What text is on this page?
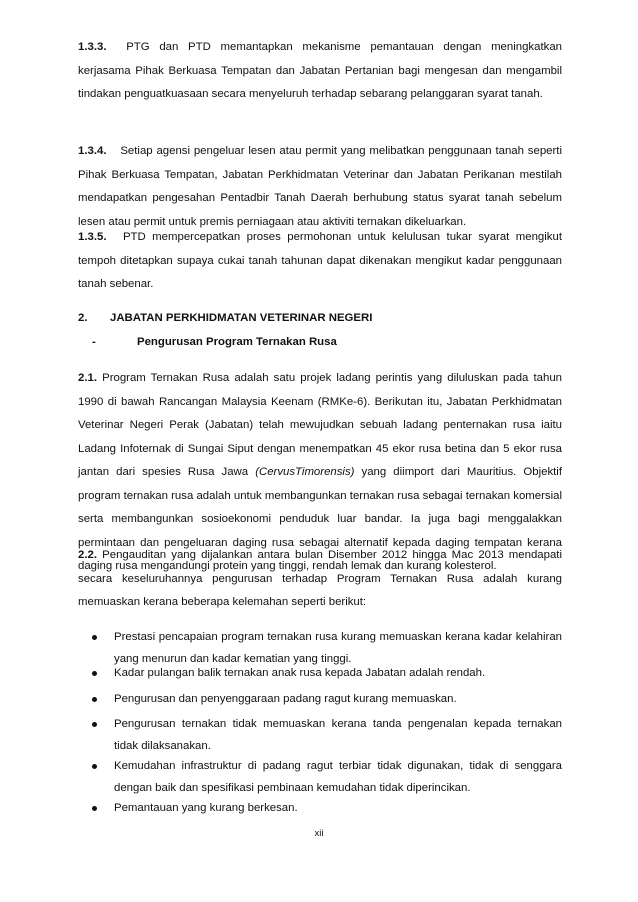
1.3.3. PTG dan PTD memantapkan mekanisme pemantauan dengan meningkatkan kerjasama Pihak Berkuasa Tempatan dan Jabatan Pertanian bagi mengesan dan mengambil tindakan penguatkuasaan secara menyeluruh terhadap sebarang pelanggaran syarat tanah.

1.3.4. Setiap agensi pengeluar lesen atau permit yang melibatkan penggunaan tanah seperti Pihak Berkuasa Tempatan, Jabatan Perkhidmatan Veterinar dan Jabatan Perikanan mestilah mendapatkan pengesahan Pentadbir Tanah Daerah berhubung status syarat tanah sebelum lesen atau permit untuk premis perniagaan atau aktiviti ternakan dikeluarkan.

1.3.5. PTD mempercepatkan proses permohonan untuk kelulusan tukar syarat mengikut tempoh ditetapkan supaya cukai tanah tahunan dapat dikenakan mengikut kadar penggunaan tanah sebenar.

2. JABATAN PERKHIDMATAN VETERINAR NEGERI

-	Pengurusan Program Ternakan Rusa

2.1. Program Ternakan Rusa adalah satu projek ladang perintis yang diluluskan pada tahun 1990 di bawah Rancangan Malaysia Keenam (RMKe-6). Berikutan itu, Jabatan Perkhidmatan Veterinar Negeri Perak (Jabatan) telah mewujudkan sebuah ladang penternakan rusa iaitu Ladang Infoternak di Sungai Siput dengan menempatkan 45 ekor rusa betina dan 5 ekor rusa jantan dari spesies Rusa Jawa (CervusTimorensis) yang diimport dari Mauritius. Objektif program ternakan rusa adalah untuk membangunkan ternakan rusa sebagai ternakan komersial serta membangunkan sosioekonomi penduduk luar bandar. Ia juga bagi menggalakkan permintaan dan pengeluaran daging rusa sebagai alternatif kepada daging tempatan kerana daging rusa mengandungi protein yang tinggi, rendah lemak dan kurang kolesterol.

2.2. Pengauditan yang dijalankan antara bulan Disember 2012 hingga Mac 2013 mendapati secara keseluruhannya pengurusan terhadap Program Ternakan Rusa adalah kurang memuaskan kerana beberapa kelemahan seperti berikut:

Prestasi pencapaian program ternakan rusa kurang memuaskan kerana kadar kelahiran yang menurun dan kadar kematian yang tinggi.
Kadar pulangan balik ternakan anak rusa kepada Jabatan adalah rendah.
Pengurusan dan penyenggaraan padang ragut kurang memuaskan.
Pengurusan ternakan tidak memuaskan kerana tanda pengenalan kepada ternakan tidak dilaksanakan.
Kemudahan infrastruktur di padang ragut terbiar tidak digunakan, tidak di senggara dengan baik dan spesifikasi pembinaan kemudahan tidak diperincikan.
Pemantauan yang kurang berkesan.
xii
